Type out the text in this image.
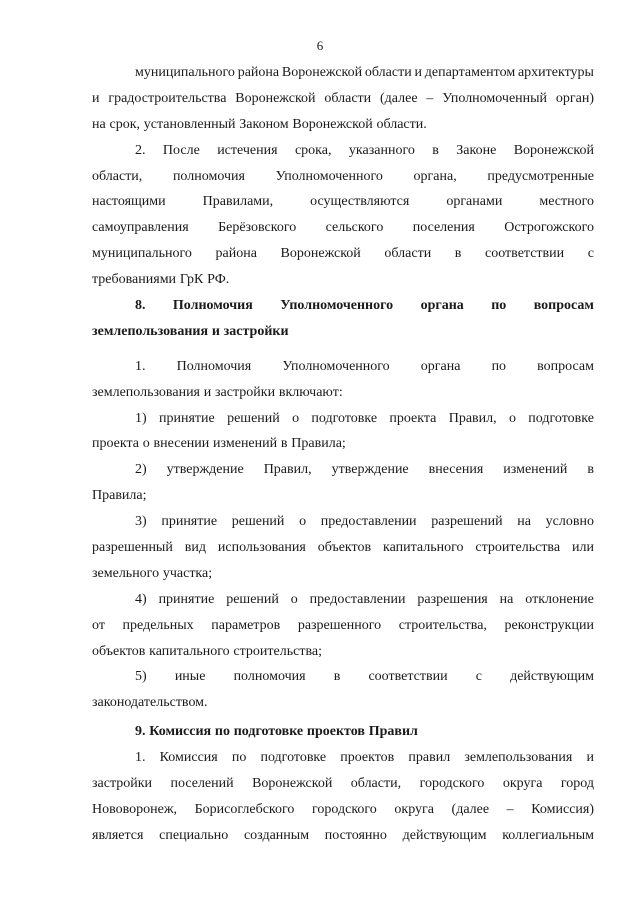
6
муниципального района Воронежской области и департаментом архитектуры
и градостроительства Воронежской области (далее – Уполномоченный орган)
на срок, установленный Законом Воронежской области.
2. После истечения срока, указанного в Законе Воронежской
области, полномочия Уполномоченного органа, предусмотренные
настоящими	Правилами,	осуществляются	органами	местного
самоуправления Берёзовского сельского поселения Острогожского
муниципального района Воронежской области в соответствии с
требованиями ГрК РФ.
8. Полномочия Уполномоченного органа по вопросам
землепользования и застройки
1. Полномочия Уполномоченного органа по вопросам
землепользования и застройки включают:
1) принятие решений о подготовке проекта Правил, о подготовке
проекта о внесении изменений в Правила;
2) утверждение Правил, утверждение внесения изменений в
Правила;
3) принятие решений о предоставлении разрешений на условно
разрешенный вид использования объектов капитального строительства или
земельного участка;
4) принятие решений о предоставлении разрешения на отклонение
от предельных параметров разрешенного строительства, реконструкции
объектов капитального строительства;
5) иные полномочия в соответствии с действующим
законодательством.
9. Комиссия по подготовке проектов Правил
1. Комиссия по подготовке проектов правил землепользования и
застройки поселений Воронежской области, городского округа город
Нововоронеж, Борисоглебского городского округа (далее – Комиссия)
является специально созданным постоянно действующим коллегиальным
